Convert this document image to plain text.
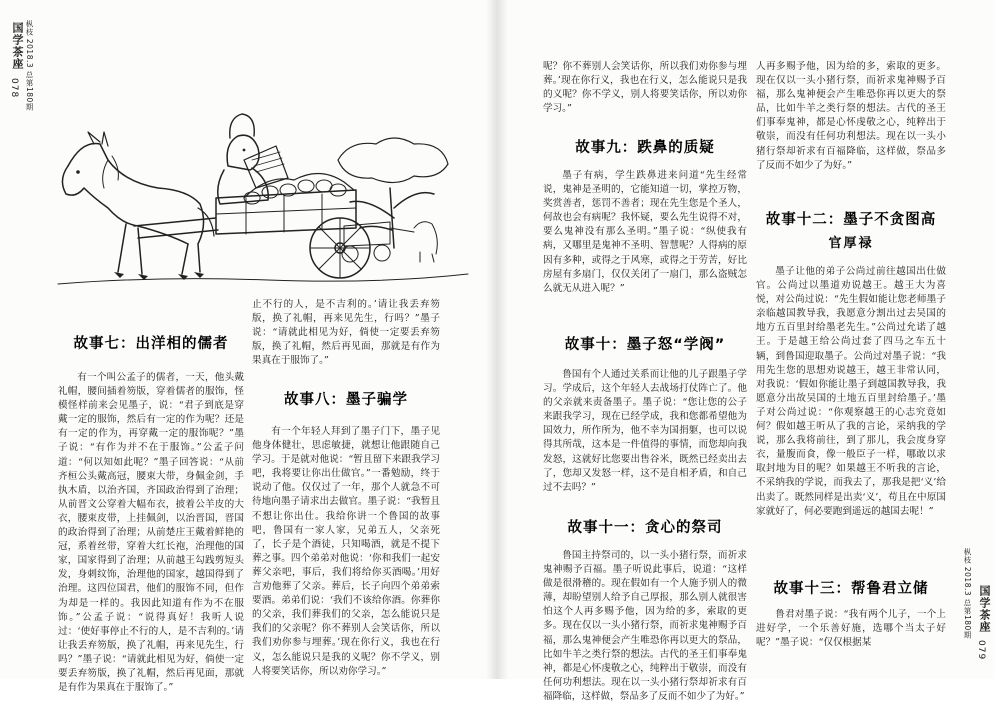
国学茶座 枞枝 2018.3 总第180期
078
枞枝 2018.3 总第180期 国学茶座
079
故事七：出洋相的儒者

有一个叫公孟子的儒者，一天，他头戴礼帽，腰间插着笏版，穿着儒者的服饰，怪模怪样前来会见墨子，说：“君子到底是穿戴一定的服饰，然后有一定的作为呢？还是有一定的作为，再穿戴一定的服饰呢？”墨子说：“有作为并不在于服饰。”公孟子问道：“何以知如此呢？”墨子回答说：“从前齐桓公头戴高冠，腰束大带，身佩金剑，手执木盾，以治齐国，齐国政治得到了治理；从前晋文公穿着大幅布衣，披着公羊皮的大衣，腰束皮带，上挂佩剑，以治晋国，晋国的政治得到了治理；从前楚庄王戴着鲜艳的冠，系着丝带，穿着大红长袍，治理他的国家，国家得到了治理；从前越王勾践剪短头发，身刺纹饰，治理他的国家，越国得到了治理。这四位国君，他们的服饰不同，但作为却是一样的。我因此知道有作为不在服饰。”公孟子说：“说得真好！我听人说过：‘使好事停止不行的人，是不吉利的。’请让我丢弃笏版，换了礼帽，再来见先生，行吗？”墨子说：“请就此相见为好，倘使一定要丢弃笏版，换了礼帽，然后再见面，那就是有作为果真在于服饰了。”

止不行的人，是不吉利的。’请让我丢弃笏版，换了礼帽，再来见先生，行吗？”墨子说：“请就此相见为好，倘使一定要丢弃笏版，换了礼帽，然后再见面，那就是有作为果真在于服饰了。”

故事八：墨子骗学

有一个年轻人拜到了墨子门下，墨子见他身体健壮，思虑敏捷，就想让他跟随自己学习。于是就对他说：“暂且留下来跟我学习吧，我将要让你出仕做官。”一番勉励，终于说动了他。仅仅过了一年，那个人就急不可待地向墨子请求出去做官。墨子说：“我暂且不想让你出仕。我给你讲一个鲁国的故事吧，鲁国有一家人家，兄弟五人，父亲死了，长子是个酒徒，只知喝酒，就是不提下葬之事。四个弟弟对他说：‘你和我们一起安葬父亲吧，事后，我们将给你买酒喝。’用好言劝他葬了父亲。葬后，长子向四个弟弟索要酒。弟弟们说：‘我们不该给你酒。你葬你的父亲，我们葬我们的父亲，怎么能说只是我们的父亲呢？你不葬别人会笑话你，所以我们劝你参与埋葬。’现在你行义，我也在行义，怎么能说只是我的义呢？你不学义，别人将要笑话你，所以劝你学习。”

呢？你不葬别人会笑话你，所以我们劝你参与埋葬。’现在你行义，我也在行义，怎么能说只是我的义呢？你不学义，别人将要笑话你，所以劝你学习。”

故事九：跌鼻的质疑

墨子有病，学生跌鼻进来问道“先生经常说，鬼神是圣明的，它能知道一切，掌控万物，奖赏善者，惩罚不善者；现在先生您是个圣人，何故也会有病呢？我怀疑，要么先生说得不对，要么鬼神没有那么圣明。”墨子说：“纵使我有病，又哪里是鬼神不圣明、智慧呢？人得病的原因有多种，或得之于风寒，或得之于劳苦，好比房屋有多扇门，仅仅关闭了一扇门，那么盗贼怎么就无从进入呢？”

故事十：墨子怒“学阀”

鲁国有个人通过关系而让他的儿子跟墨子学习。学成后，这个年轻人去战场打仗阵亡了。他的父亲就来责备墨子。墨子说：“您让您的公子来跟我学习，现在已经学成，我和您都希望他为国效力，所作所为，他不幸为国捐躯，也可以说得其所哉，这本是一件值得的事情，而您却向我发怒，这就好比您要出售谷米，既然已经卖出去了，您却又发怒一样，这不是自相矛盾，和自己过不去吗？”

故事十一：贪心的祭司

鲁国主持祭司的，以一头小猪行祭，而祈求鬼神赐予百福。墨子听说此事后，说道：“这样做是很滑稽的。现在假如有一个人施予别人的微薄，却盼望别人给予自己厚报，那么别人就很害怕这个人再多赐予他，因为给的多，索取的更多。现在仅以一头小猪行祭，而祈求鬼神赐予百福，那么鬼神便会产生唯恐你再以更大的祭品，比如牛羊之类行祭的想法。古代的圣王们事奉鬼神，都是心怀虔敬之心，纯粹出于敬崇，而没有任何功利想法。现在以一头小猪行祭却祈求有百福降临，这样做，祭品多了反而不如少了为好。”

人再多赐予他，因为给的多，索取的更多。现在仅以一头小猪行祭，而祈求鬼神赐予百福，那么鬼神便会产生唯恐你再以更大的祭品，比如牛羊之类行祭的想法。古代的圣王们事奉鬼神，都是心怀虔敬之心，纯粹出于敬崇，而没有任何功利想法。现在以一头小猪行祭却祈求有百福降临，这样做，祭品多了反而不如少了为好。”

故事十二：墨子不贪图高
官厚禄

墨子让他的弟子公尚过前往越国出仕做官。公尚过以墨道劝说越王。越王大为喜悦，对公尚过说：“先生假如能让您老师墨子亲临越国教导我，我愿意分割出过去吴国的地方五百里封给墨老先生。”公尚过允诺了越王。于是越王给公尚过套了四马之车五十辆，到鲁国迎取墨子。公尚过对墨子说：“我用先生您的思想劝说越王，越王非常认同，对我说：‘假如你能让墨子到越国教导我，我愿意分出故吴国的土地五百里封给墨子。’墨子对公尚过说：“你观察越王的心志究竟如何？假如越王听从了我的言论，采纳我的学说，那么我将前往，到了那儿，我会度身穿衣，量腹而食，像一般臣子一样，哪敢以求取封地为目的呢？如果越王不听我的言论，不采纳我的学说，而我去了，那我是把‘义’给出卖了。既然同样是出卖‘义’，苟且在中原国家就好了，何必要跑到遥远的越国去呢！”

故事十三：帮鲁君立储

鲁君对墨子说：“我有两个儿子，一个上进好学，一个乐善好施，选哪个当太子好呢？”墨子说：“仅仅根据某
